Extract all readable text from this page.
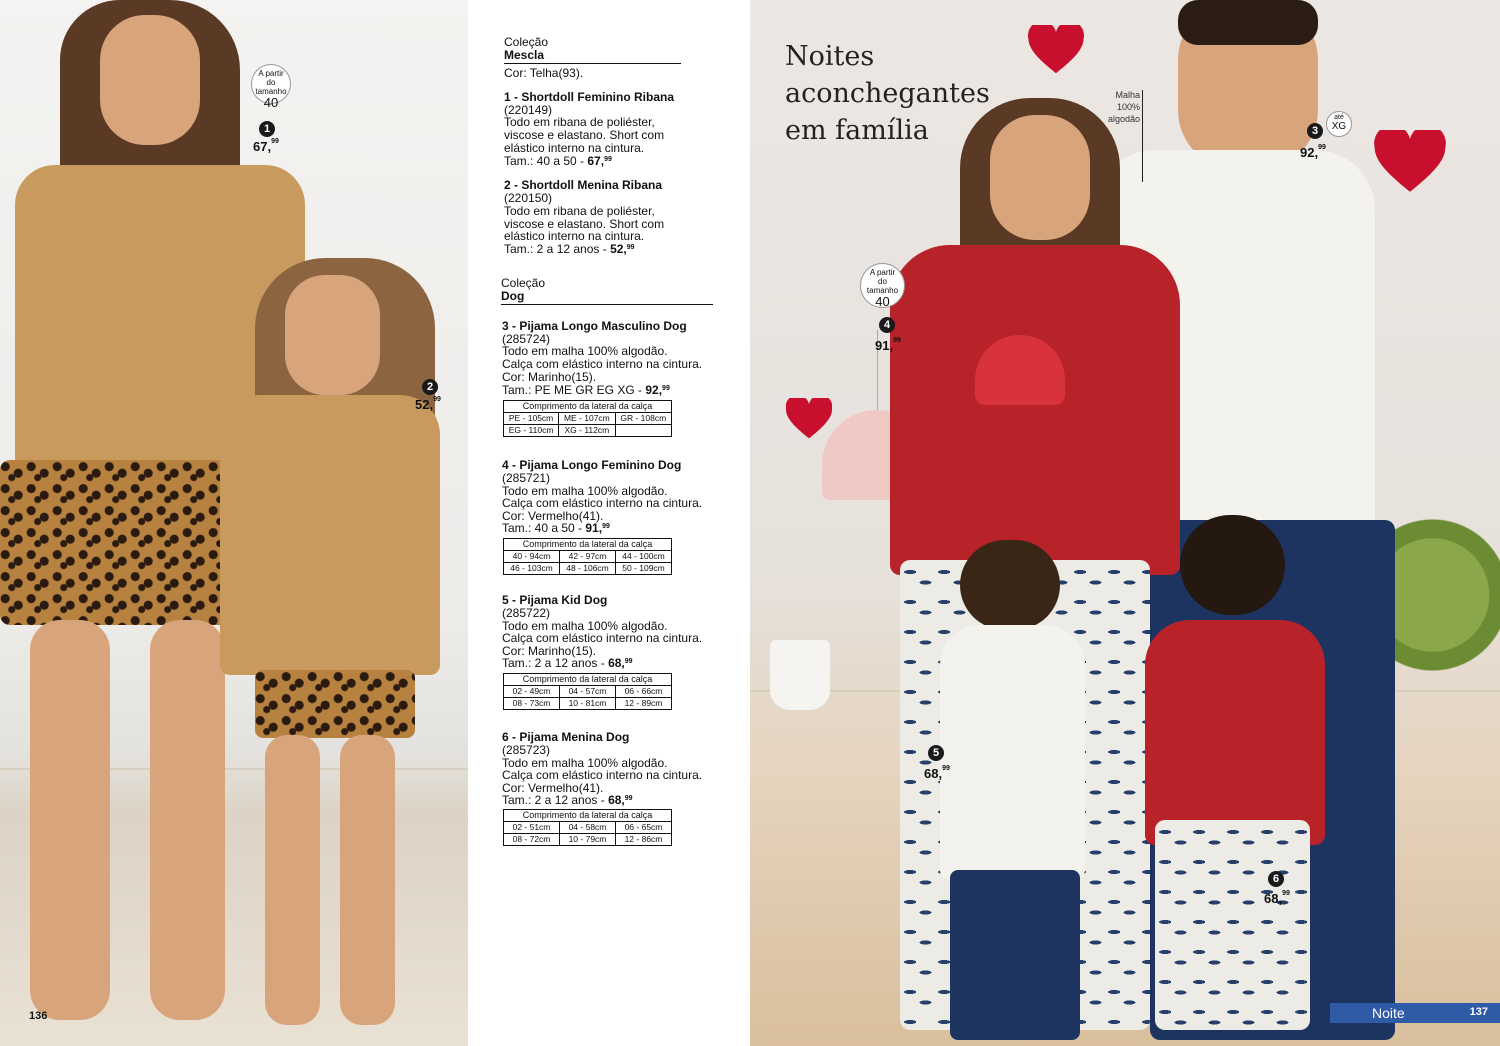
A partir
do
tamanho
40
1
67,99
2
52,99
136
Coleção
Mescla
Cor: Telha(93).
1 - Shortdoll Feminino Ribana
(220149)
Todo em ribana de poliéster,
viscose e elastano. Short com
elástico interno na cintura.
Tam.: 40 a 50 - 67,99
2 - Shortdoll Menina Ribana
(220150)
Todo em ribana de poliéster,
viscose e elastano. Short com
elástico interno na cintura.
Tam.: 2 a 12 anos - 52,99
Coleção
Dog
3 - Pijama Longo Masculino Dog
(285724)
Todo em malha 100% algodão.
Calça com elástico interno na cintura.
Cor: Marinho(15).
Tam.: PE ME GR EG XG - 92,99
Comprimento da lateral da calça		
PE - 105cm	ME - 107cm	GR - 108cm
EG - 110cm	XG - 112cm	
4 - Pijama Longo Feminino Dog
(285721)
Todo em malha 100% algodão.
Calça com elástico interno na cintura.
Cor: Vermelho(41).
Tam.: 40 a 50 - 91,99
Comprimento da lateral da calça		
40 - 94cm	42 - 97cm	44 - 100cm
46 - 103cm	48 - 106cm	50 - 109cm
5 - Pijama Kid Dog
(285722)
Todo em malha 100% algodão.
Calça com elástico interno na cintura.
Cor: Marinho(15).
Tam.: 2 a 12 anos - 68,99
Comprimento da lateral da calça		
02 - 49cm	04 - 57cm	06 - 66cm
08 - 73cm	10 - 81cm	12 - 89cm
6 - Pijama Menina Dog
(285723)
Todo em malha 100% algodão.
Calça com elástico interno na cintura.
Cor: Vermelho(41).
Tam.: 2 a 12 anos - 68,99
Comprimento da lateral da calça		
02 - 51cm	04 - 58cm	06 - 65cm
08 - 72cm	10 - 79cm	12 - 86cm
Noites
aconchegantes
em família
Malha
100%
algodão	até
XG
A partir
do
tamanho
40
3
92,99
4
91,99
5
68,99
6
68,99
Noite	137
